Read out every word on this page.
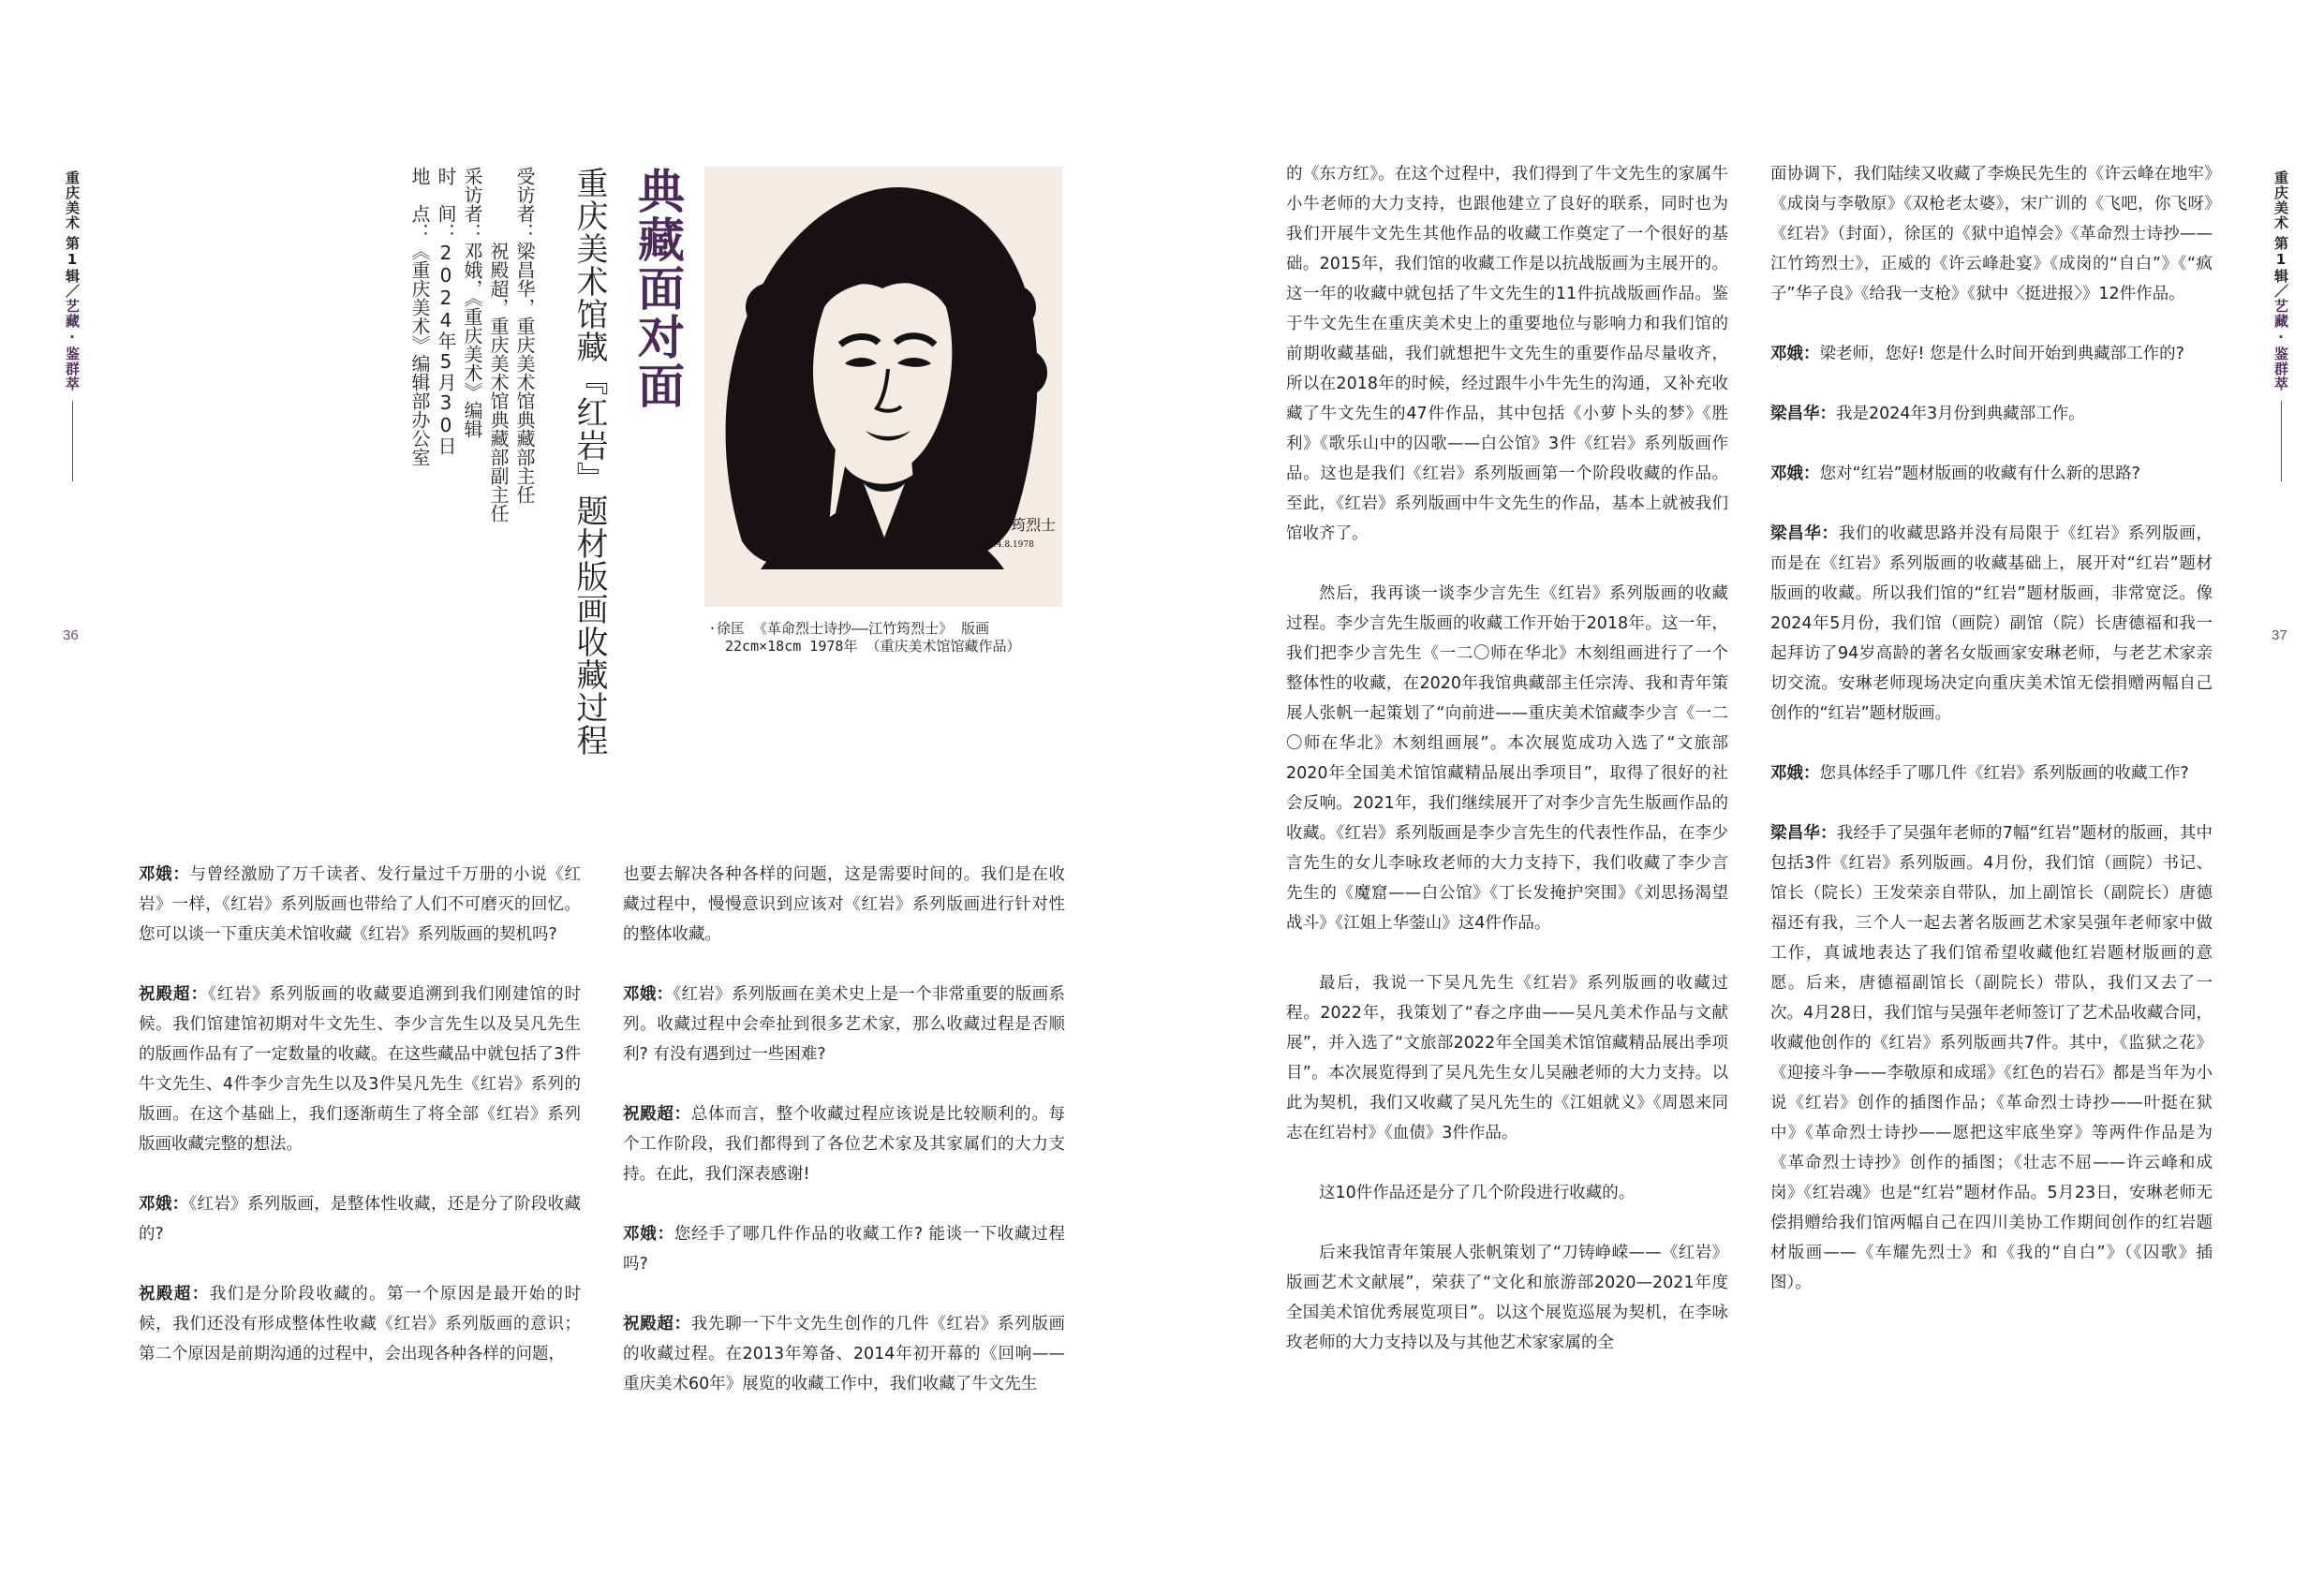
重庆美术
第1辑
／
艺藏·鉴群萃
36
重庆美术
第1辑
／
艺藏·鉴群萃
37
典藏面对面
重庆美术馆藏『红岩』题材版画收藏过程
受访者：梁昌华，重庆美术馆典藏部主任
　　　　祝殿超，重庆美术馆典藏部副主任
采访者：邓娥，《重庆美术》编辑
时　间：2024年5月30日
地　点：《重庆美术》编辑部办公室
献给 江竹筠烈士
1978.4.8.1978
·徐匡 《革命烈士诗抄——江竹筠烈士》 版画
22cm×18cm 1978年 （重庆美术馆馆藏作品）

邓娥：与曾经激励了万千读者、发行量过千万册的小说《红岩》一样，《红岩》系列版画也带给了人们不可磨灭的回忆。您可以谈一下重庆美术馆收藏《红岩》系列版画的契机吗?

祝殿超：《红岩》系列版画的收藏要追溯到我们刚建馆的时候。我们馆建馆初期对牛文先生、李少言先生以及吴凡先生的版画作品有了一定数量的收藏。在这些藏品中就包括了3件牛文先生、4件李少言先生以及3件吴凡先生《红岩》系列的版画。在这个基础上，我们逐渐萌生了将全部《红岩》系列版画收藏完整的想法。

邓娥：《红岩》系列版画，是整体性收藏，还是分了阶段收藏的?

祝殿超：我们是分阶段收藏的。第一个原因是最开始的时候，我们还没有形成整体性收藏《红岩》系列版画的意识；第二个原因是前期沟通的过程中，会出现各种各样的问题，

也要去解决各种各样的问题，这是需要时间的。我们是在收藏过程中，慢慢意识到应该对《红岩》系列版画进行针对性的整体收藏。

邓娥：《红岩》系列版画在美术史上是一个非常重要的版画系列。收藏过程中会牵扯到很多艺术家，那么收藏过程是否顺利? 有没有遇到过一些困难?

祝殿超：总体而言，整个收藏过程应该说是比较顺利的。每个工作阶段，我们都得到了各位艺术家及其家属们的大力支持。在此，我们深表感谢!

邓娥：您经手了哪几件作品的收藏工作? 能谈一下收藏过程吗?

祝殿超：我先聊一下牛文先生创作的几件《红岩》系列版画的收藏过程。在2013年筹备、2014年初开幕的《回响——重庆美术60年》展览的收藏工作中，我们收藏了牛文先生

的《东方红》。在这个过程中，我们得到了牛文先生的家属牛小牛老师的大力支持，也跟他建立了良好的联系，同时也为我们开展牛文先生其他作品的收藏工作奠定了一个很好的基础。2015年，我们馆的收藏工作是以抗战版画为主展开的。这一年的收藏中就包括了牛文先生的11件抗战版画作品。鉴于牛文先生在重庆美术史上的重要地位与影响力和我们馆的前期收藏基础，我们就想把牛文先生的重要作品尽量收齐，所以在2018年的时候，经过跟牛小牛先生的沟通，又补充收藏了牛文先生的47件作品，其中包括《小萝卜头的梦》《胜利》《歌乐山中的囚歌——白公馆》3件《红岩》系列版画作品。这也是我们《红岩》系列版画第一个阶段收藏的作品。至此，《红岩》系列版画中牛文先生的作品，基本上就被我们馆收齐了。

然后，我再谈一谈李少言先生《红岩》系列版画的收藏过程。李少言先生版画的收藏工作开始于2018年。这一年，我们把李少言先生《一二〇师在华北》木刻组画进行了一个整体性的收藏，在2020年我馆典藏部主任宗涛、我和青年策展人张帆一起策划了“向前进——重庆美术馆藏李少言《一二〇师在华北》木刻组画展”。本次展览成功入选了“文旅部2020年全国美术馆馆藏精品展出季项目”，取得了很好的社会反响。2021年，我们继续展开了对李少言先生版画作品的收藏。《红岩》系列版画是李少言先生的代表性作品，在李少言先生的女儿李咏玫老师的大力支持下，我们收藏了李少言先生的《魔窟——白公馆》《丁长发掩护突围》《刘思扬渴望战斗》《江姐上华蓥山》这4件作品。

最后，我说一下吴凡先生《红岩》系列版画的收藏过程。2022年，我策划了“春之序曲——吴凡美术作品与文献展”，并入选了“文旅部2022年全国美术馆馆藏精品展出季项目”。本次展览得到了吴凡先生女儿吴融老师的大力支持。以此为契机，我们又收藏了吴凡先生的《江姐就义》《周恩来同志在红岩村》《血债》3件作品。

这10件作品还是分了几个阶段进行收藏的。

后来我馆青年策展人张帆策划了“刀铸峥嵘——《红岩》版画艺术文献展”，荣获了“文化和旅游部2020—2021年度全国美术馆优秀展览项目”。以这个展览巡展为契机，在李咏玫老师的大力支持以及与其他艺术家家属的全

面协调下，我们陆续又收藏了李焕民先生的《许云峰在地牢》《成岗与李敬原》《双枪老太婆》，宋广训的《飞吧，你飞呀》《红岩》（封面），徐匡的《狱中追悼会》《革命烈士诗抄——江竹筠烈士》，正威的《许云峰赴宴》《成岗的“自白”》《“疯子”华子良》《给我一支枪》《狱中〈挺进报〉》12件作品。

邓娥：梁老师，您好! 您是什么时间开始到典藏部工作的?

梁昌华：我是2024年3月份到典藏部工作。

邓娥：您对“红岩”题材版画的收藏有什么新的思路?

梁昌华：我们的收藏思路并没有局限于《红岩》系列版画，而是在《红岩》系列版画的收藏基础上，展开对“红岩”题材版画的收藏。所以我们馆的“红岩”题材版画，非常宽泛。像2024年5月份，我们馆（画院）副馆（院）长唐德福和我一起拜访了94岁高龄的著名女版画家安琳老师，与老艺术家亲切交流。安琳老师现场决定向重庆美术馆无偿捐赠两幅自己创作的“红岩”题材版画。

邓娥：您具体经手了哪几件《红岩》系列版画的收藏工作?

梁昌华：我经手了吴强年老师的7幅“红岩”题材的版画，其中包括3件《红岩》系列版画。4月份，我们馆（画院）书记、馆长（院长）王发荣亲自带队，加上副馆长（副院长）唐德福还有我，三个人一起去著名版画艺术家吴强年老师家中做工作，真诚地表达了我们馆希望收藏他红岩题材版画的意愿。后来，唐德福副馆长（副院长）带队，我们又去了一次。4月28日，我们馆与吴强年老师签订了艺术品收藏合同，收藏他创作的《红岩》系列版画共7件。其中，《监狱之花》《迎接斗争——李敬原和成瑶》《红色的岩石》都是当年为小说《红岩》创作的插图作品；《革命烈士诗抄——叶挺在狱中》《革命烈士诗抄——愿把这牢底坐穿》等两件作品是为《革命烈士诗抄》创作的插图；《壮志不屈——许云峰和成岗》《红岩魂》也是“红岩”题材作品。5月23日，安琳老师无偿捐赠给我们馆两幅自己在四川美协工作期间创作的红岩题材版画——《车耀先烈士》和《我的“自白”》（《囚歌》插图）。
